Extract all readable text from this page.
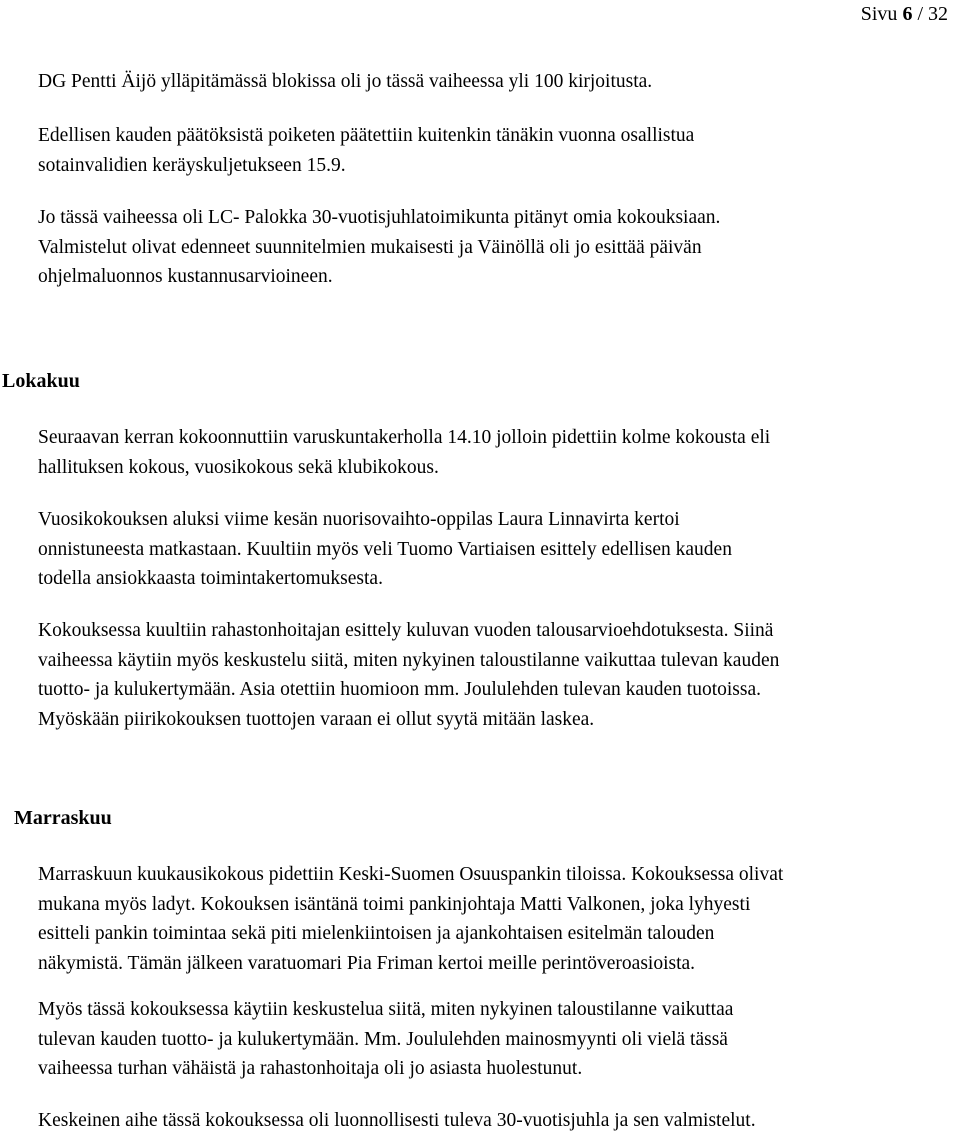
Sivu 6 / 32

DG Pentti Äijö ylläpitämässä blokissa oli jo tässä vaiheessa yli 100 kirjoitusta.

Edellisen kauden päätöksistä poiketen päätettiin kuitenkin tänäkin vuonna osallistua
sotainvalidien keräyskuljetukseen 15.9.

Jo tässä vaiheessa oli LC- Palokka 30-vuotisjuhlatoimikunta pitänyt omia kokouksiaan.
Valmistelut olivat edenneet suunnitelmien mukaisesti ja Väinöllä oli jo esittää päivän
ohjelmaluonnos kustannusarvioineen.

Lokakuu

Seuraavan kerran kokoonnuttiin varuskuntakerholla 14.10 jolloin pidettiin kolme kokousta eli
hallituksen kokous, vuosikokous sekä klubikokous.

Vuosikokouksen aluksi viime kesän nuorisovaihto-oppilas Laura Linnavirta kertoi
onnistuneesta matkastaan. Kuultiin myös veli Tuomo Vartiaisen esittely edellisen kauden
todella ansiokkaasta toimintakertomuksesta.

Kokouksessa kuultiin rahastonhoitajan esittely kuluvan vuoden talousarvioehdotuksesta. Siinä
vaiheessa käytiin myös keskustelu siitä, miten nykyinen taloustilanne vaikuttaa tulevan kauden
tuotto- ja kulukertymään. Asia otettiin huomioon mm. Joululehden tulevan kauden tuotoissa.
Myöskään piirikokouksen tuottojen varaan ei ollut syytä mitään laskea.

Marraskuu

Marraskuun kuukausikokous pidettiin Keski-Suomen Osuuspankin tiloissa. Kokouksessa olivat
mukana myös ladyt. Kokouksen isäntänä toimi pankinjohtaja Matti Valkonen, joka lyhyesti
esitteli pankin toimintaa sekä piti mielenkiintoisen ja ajankohtaisen esitelmän talouden
näkymistä. Tämän jälkeen varatuomari Pia Friman kertoi meille perintöveroasioista.

Myös tässä kokouksessa käytiin keskustelua siitä, miten nykyinen taloustilanne vaikuttaa
tulevan kauden tuotto- ja kulukertymään. Mm. Joululehden mainosmyynti oli vielä tässä
vaiheessa turhan vähäistä ja rahastonhoitaja oli jo asiasta huolestunut.

Keskeinen aihe tässä kokouksessa oli luonnollisesti tuleva 30-vuotisjuhla ja sen valmistelut.
